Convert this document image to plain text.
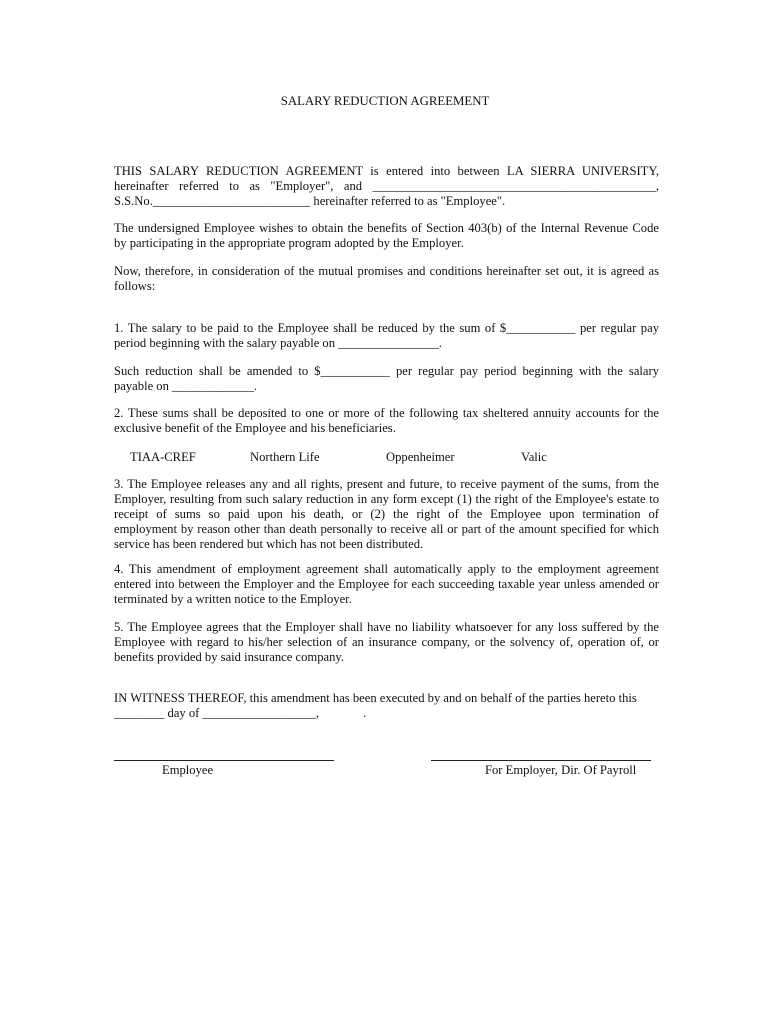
SALARY REDUCTION AGREEMENT
THIS SALARY REDUCTION AGREEMENT is entered into between LA SIERRA UNIVERSITY,
hereinafter referred to as "Employer", and _____________________________________________,
S.S.No._________________________ hereinafter referred to as "Employee".
The undersigned Employee wishes to obtain the benefits of Section 403(b) of the Internal Revenue Code
by participating in the appropriate program adopted by the Employer.
Now, therefore, in consideration of the mutual promises and conditions hereinafter set out, it is agreed as
follows:
1. The salary to be paid to the Employee shall be reduced by the sum of $___________ per regular pay
period beginning with the salary payable on ________________.
Such reduction shall be amended to $___________ per regular pay period beginning with the salary
payable on _____________.
2. These sums shall be deposited to one or more of the following tax sheltered annuity accounts for the
exclusive benefit of the Employee and his beneficiaries.
TIAA-CREF	Northern Life	Oppenheimer	Valic
3. The Employee releases any and all rights, present and future, to receive payment of the sums, from the
Employer, resulting from such salary reduction in any form except (1) the right of the Employee's estate to
receipt of sums so paid upon his death, or (2) the right of the Employee upon termination of
employment by reason other than death personally to receive all or part of the amount specified for which
service has been rendered but which has not been distributed.
4. This amendment of employment agreement shall automatically apply to the employment agreement
entered into between the Employer and the Employee for each succeeding taxable year unless amended or
terminated by a written notice to the Employer.
5. The Employee agrees that the Employer shall have no liability whatsoever for any loss suffered by the
Employee with regard to his/her selection of an insurance company, or the solvency of, operation of, or
benefits provided by said insurance company.
IN WITNESS THEREOF, this amendment has been executed by and on behalf of the parties hereto this
________ day of __________________,              .
Employee	For Employer, Dir. Of Payroll
